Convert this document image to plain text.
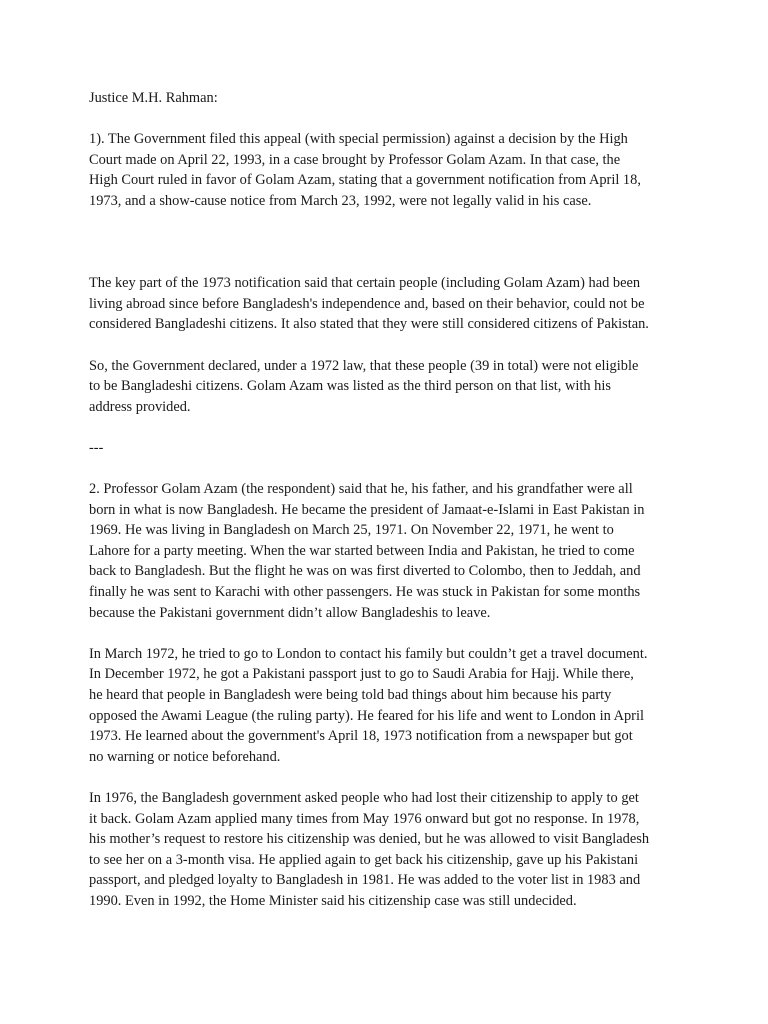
Justice M.H. Rahman:

1). The Government filed this appeal (with special permission) against a decision by the High
Court made on April 22, 1993, in a case brought by Professor Golam Azam. In that case, the
High Court ruled in favor of Golam Azam, stating that a government notification from April 18,
1973, and a show-cause notice from March 23, 1992, were not legally valid in his case.

The key part of the 1973 notification said that certain people (including Golam Azam) had been
living abroad since before Bangladesh's independence and, based on their behavior, could not be
considered Bangladeshi citizens. It also stated that they were still considered citizens of Pakistan.

So, the Government declared, under a 1972 law, that these people (39 in total) were not eligible
to be Bangladeshi citizens. Golam Azam was listed as the third person on that list, with his
address provided.

---

2. Professor Golam Azam (the respondent) said that he, his father, and his grandfather were all
born in what is now Bangladesh. He became the president of Jamaat-e-Islami in East Pakistan in
1969. He was living in Bangladesh on March 25, 1971. On November 22, 1971, he went to
Lahore for a party meeting. When the war started between India and Pakistan, he tried to come
back to Bangladesh. But the flight he was on was first diverted to Colombo, then to Jeddah, and
finally he was sent to Karachi with other passengers. He was stuck in Pakistan for some months
because the Pakistani government didn’t allow Bangladeshis to leave.

In March 1972, he tried to go to London to contact his family but couldn’t get a travel document.
In December 1972, he got a Pakistani passport just to go to Saudi Arabia for Hajj. While there,
he heard that people in Bangladesh were being told bad things about him because his party
opposed the Awami League (the ruling party). He feared for his life and went to London in April
1973. He learned about the government's April 18, 1973 notification from a newspaper but got
no warning or notice beforehand.

In 1976, the Bangladesh government asked people who had lost their citizenship to apply to get
it back. Golam Azam applied many times from May 1976 onward but got no response. In 1978,
his mother’s request to restore his citizenship was denied, but he was allowed to visit Bangladesh
to see her on a 3-month visa. He applied again to get back his citizenship, gave up his Pakistani
passport, and pledged loyalty to Bangladesh in 1981. He was added to the voter list in 1983 and
1990. Even in 1992, the Home Minister said his citizenship case was still undecided.
